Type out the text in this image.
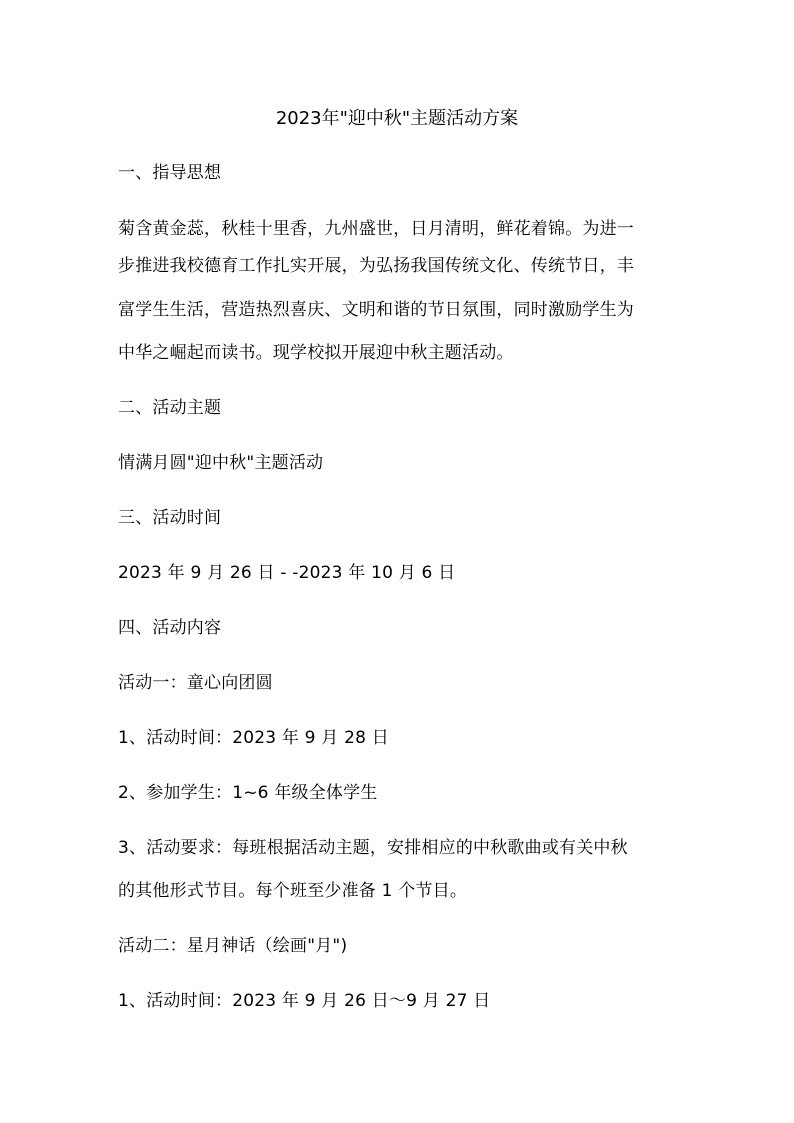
2023年"迎中秋"主题活动方案
一、指导思想
菊含黄金蕊，秋桂十里香，九州盛世，日月清明，鲜花着锦。为进一
步推进我校德育工作扎实开展，为弘扬我国传统文化、传统节日，丰
富学生生活，营造热烈喜庆、文明和谐的节日氛围，同时激励学生为
中华之崛起而读书。现学校拟开展迎中秋主题活动。
二、活动主题
情满月圆"迎中秋"主题活动
三、活动时间
2023 年 9 月 26 日 - -2023 年 10 月 6 日
四、活动内容
活动一：童心向团圆
1、活动时间：2023 年 9 月 28 日
2、参加学生：1~6 年级全体学生
3、活动要求：每班根据活动主题，安排相应的中秋歌曲或有关中秋
的其他形式节目。每个班至少准备 1 个节目。
活动二：星月神话（绘画"月")
1、活动时间：2023 年 9 月 26 日～9 月 27 日
